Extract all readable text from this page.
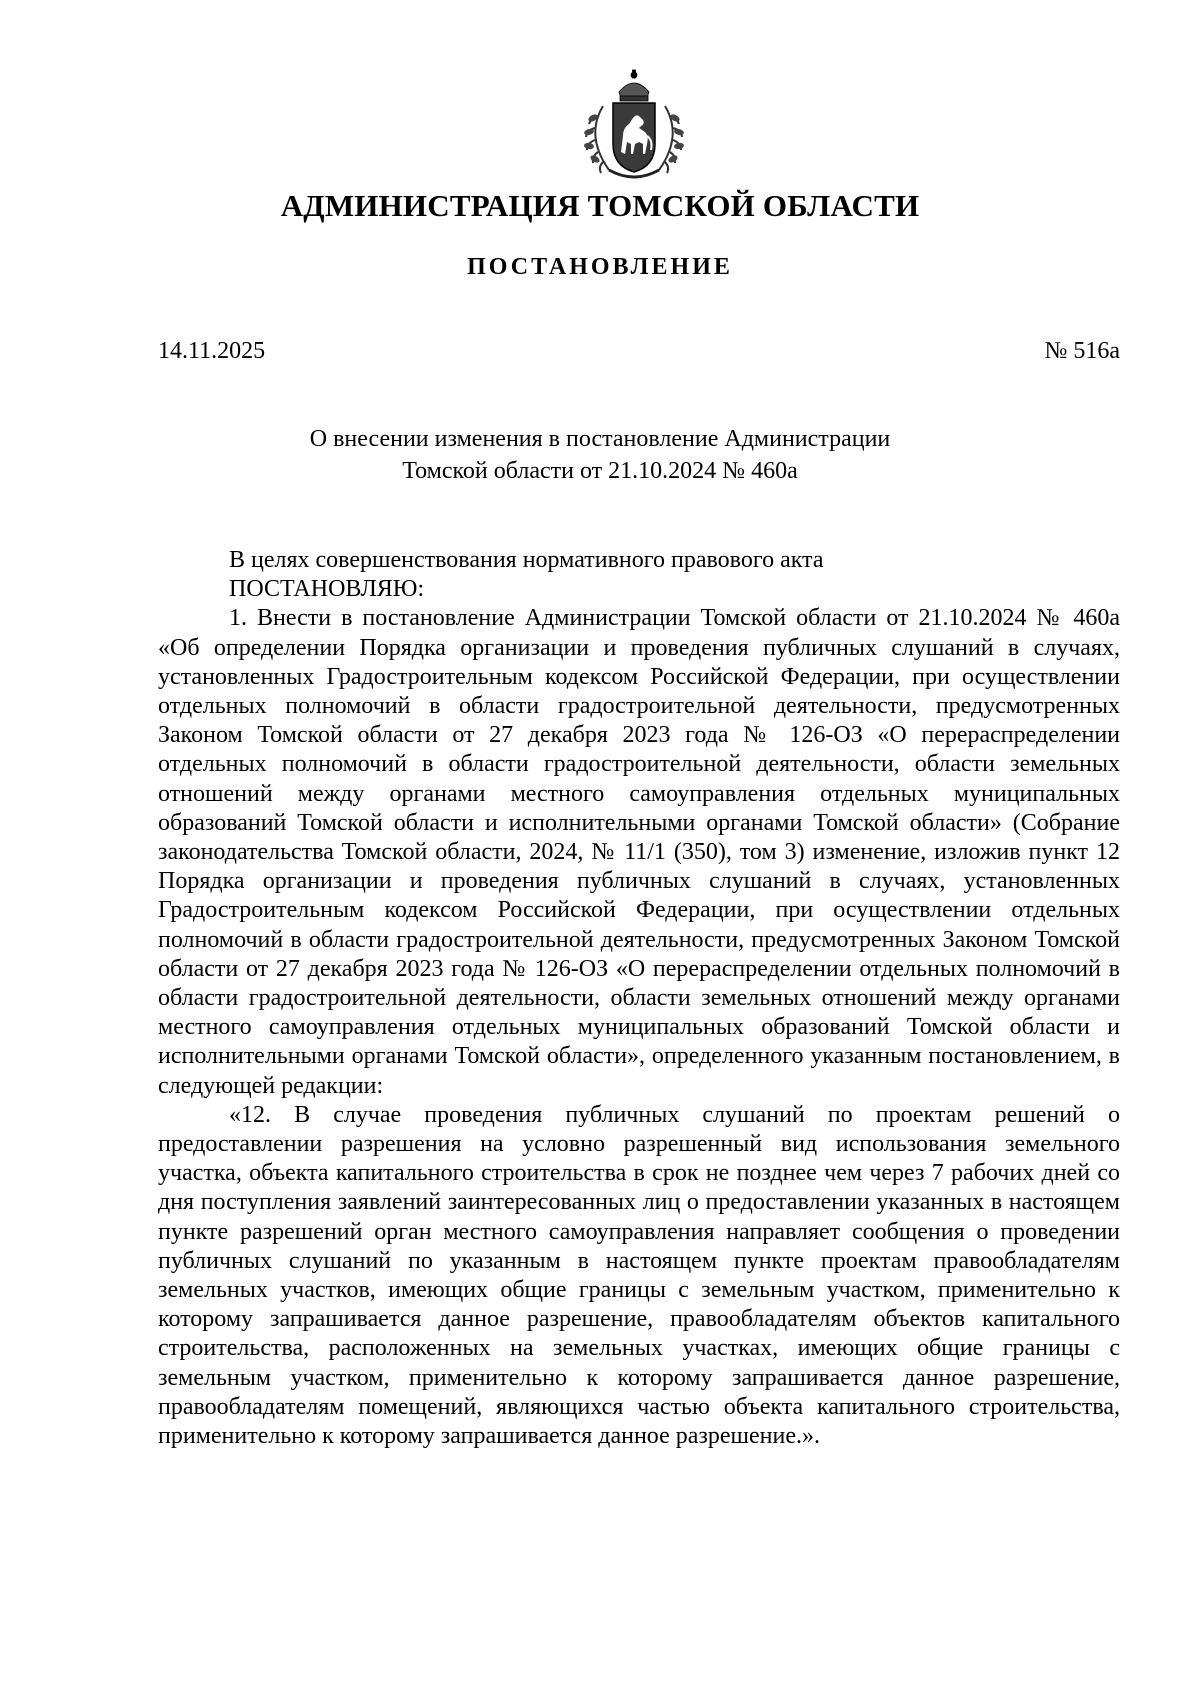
АДМИНИСТРАЦИЯ ТОМСКОЙ ОБЛАСТИ
ПОСТАНОВЛЕНИЕ
14.11.2025	№ 516а
О внесении изменения в постановление Администрации
Томской области от 21.10.2024 № 460а

В целях совершенствования нормативного правового акта

ПОСТАНОВЛЯЮ:

1. Внести в постановление Администрации Томской области от 21.10.2024 № 460а «Об определении Порядка организации и проведения публичных слушаний в случаях, установленных Градостроительным кодексом Российской Федерации, при осуществлении отдельных полномочий в области градостроительной деятельности, предусмотренных Законом Томской области от 27 декабря 2023 года № 126-ОЗ «О перераспределении отдельных полномочий в области градостроительной деятельности, области земельных отношений между органами местного самоуправления отдельных муниципальных образований Томской области и исполнительными органами Томской области» (Собрание законодательства Томской области, 2024, № 11/1 (350), том 3) изменение, изложив пункт 12 Порядка организации и проведения публичных слушаний в случаях, установленных Градостроительным кодексом Российской Федерации, при осуществлении отдельных полномочий в области градостроительной деятельности, предусмотренных Законом Томской области от 27 декабря 2023 года № 126-ОЗ «О перераспределении отдельных полномочий в области градостроительной деятельности, области земельных отношений между органами местного самоуправления отдельных муниципальных образований Томской области и исполнительными органами Томской области», определенного указанным постановлением, в следующей редакции:

«12. В случае проведения публичных слушаний по проектам решений о предоставлении разрешения на условно разрешенный вид использования земельного участка, объекта капитального строительства в срок не позднее чем через 7 рабочих дней со дня поступления заявлений заинтересованных лиц о предоставлении указанных в настоящем пункте разрешений орган местного самоуправления направляет сообщения о проведении публичных слушаний по указанным в настоящем пункте проектам правообладателям земельных участков, имеющих общие границы с земельным участком, применительно к которому запрашивается данное разрешение, правообладателям объектов капитального строительства, расположенных на земельных участках, имеющих общие границы с земельным участком, применительно к которому запрашивается данное разрешение, правообладателям помещений, являющихся частью объекта капитального строительства, применительно к которому запрашивается данное разрешение.».
